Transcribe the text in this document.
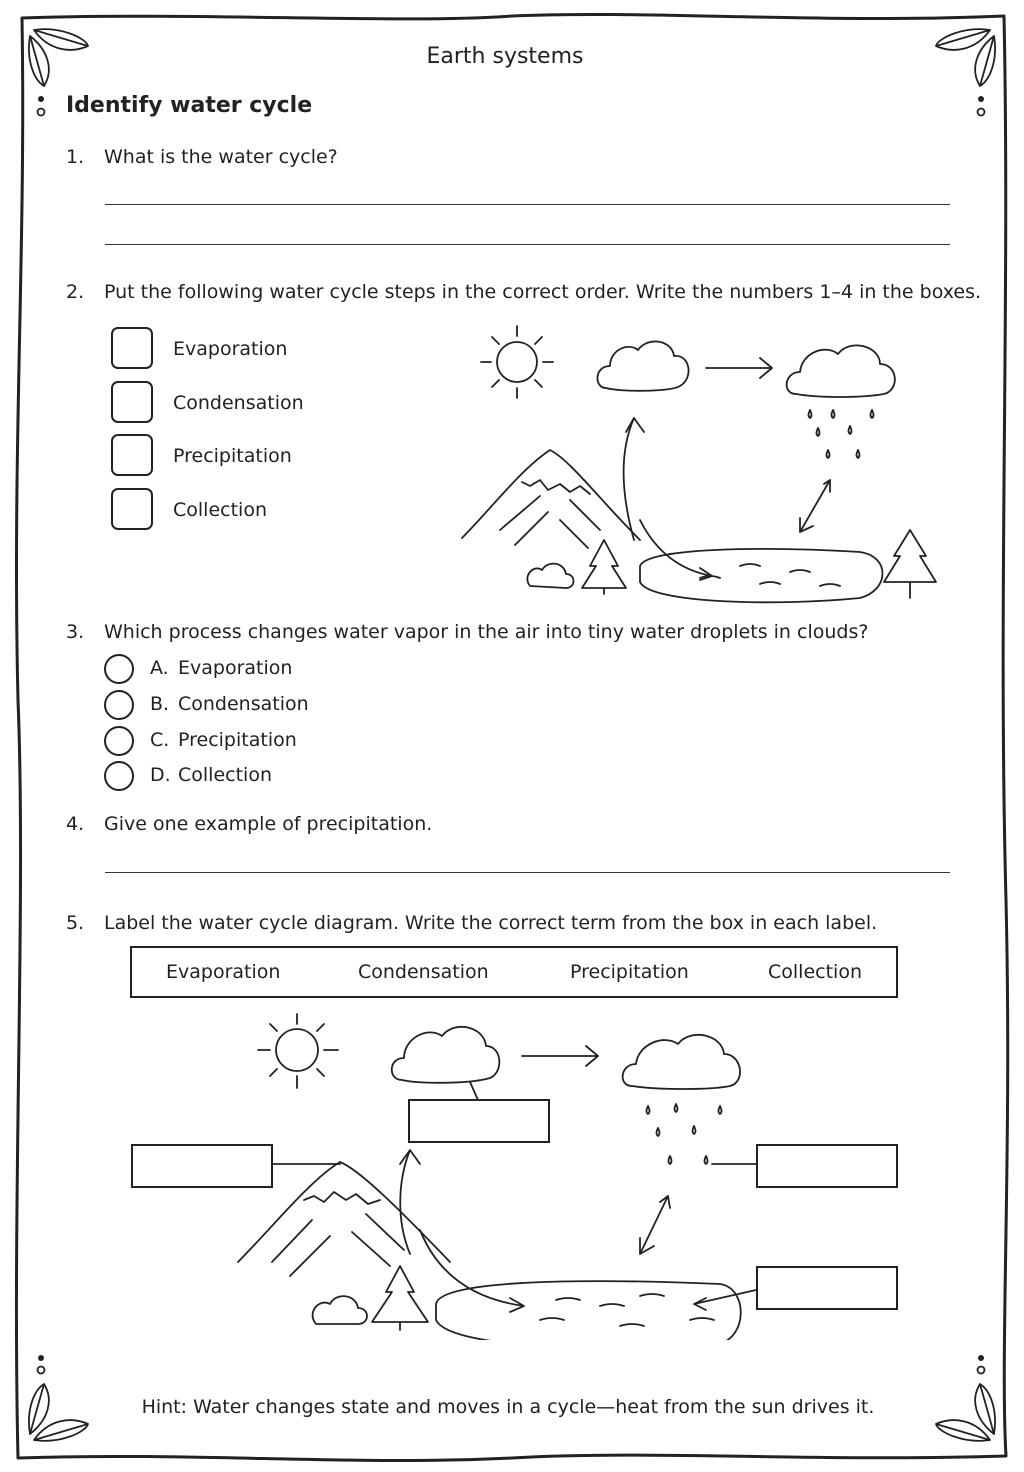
Earth systems
Identify water cycle
1. What is the water cycle?
2. Put the following water cycle steps in the correct order. Write the numbers 1–4 in the boxes.
Evaporation
Condensation
Precipitation
Collection
3. Which process changes water vapor in the air into tiny water droplets in clouds?
A. Evaporation
B. Condensation
C. Precipitation
D. Collection
4. Give one example of precipitation.
5. Label the water cycle diagram. Write the correct term from the box in each label.
Evaporation	Condensation	Precipitation	Collection
Hint: Water changes state and moves in a cycle—heat from the sun drives it.
